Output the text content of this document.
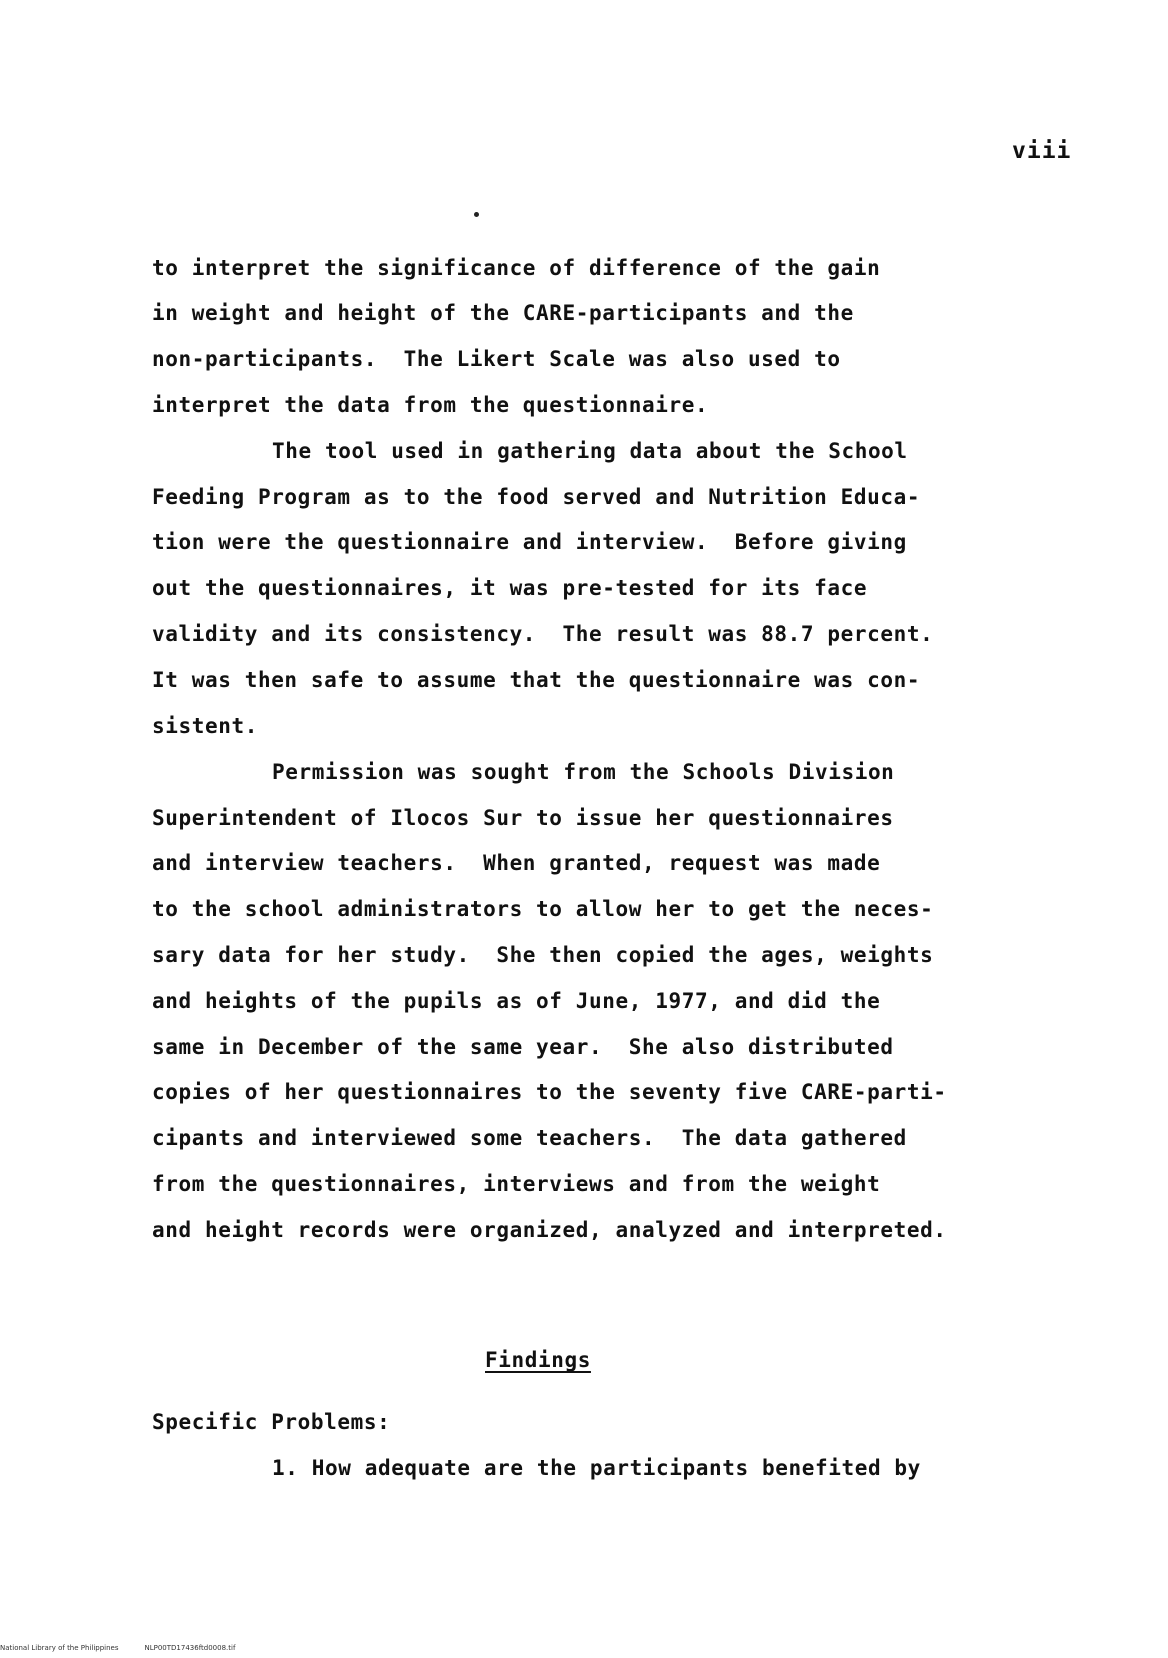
viii
to interpret the significance of difference of the gain
in weight and height of the CARE-participants and the
non-participants.  The Likert Scale was also used to
interpret the data from the questionnaire.
The tool used in gathering data about the School
Feeding Program as to the food served and Nutrition Educa-
tion were the questionnaire and interview.  Before giving
out the questionnaires, it was pre-tested for its face
validity and its consistency.  The result was 88.7 percent.
It was then safe to assume that the questionnaire was con-
sistent.
Permission was sought from the Schools Division
Superintendent of Ilocos Sur to issue her questionnaires
and interview teachers.  When granted, request was made
to the school administrators to allow her to get the neces-
sary data for her study.  She then copied the ages, weights
and heights of the pupils as of June, 1977, and did the
same in December of the same year.  She also distributed
copies of her questionnaires to the seventy five CARE-parti-
cipants and interviewed some teachers.  The data gathered
from the questionnaires, interviews and from the weight
and height records were organized, analyzed and interpreted.
Findings
Specific Problems:
1. How adequate are the participants benefited by
National Library of the Philippines	NLP00TD17436ftd0008.tif
